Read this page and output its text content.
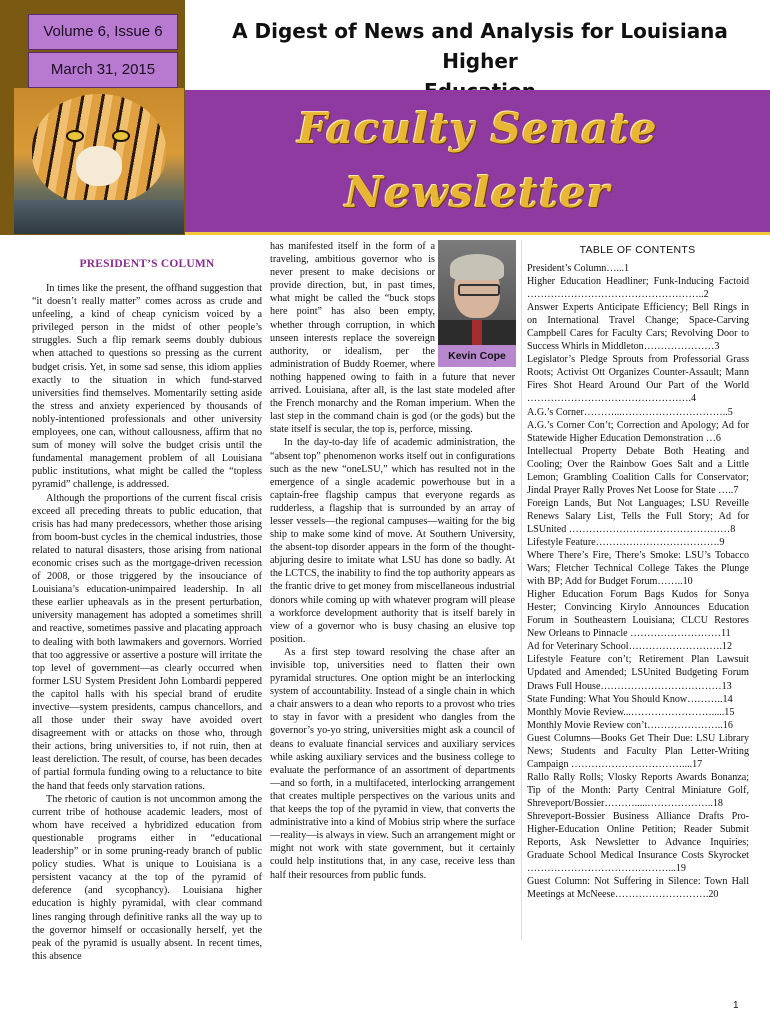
Volume 6, Issue 6
March 31, 2015
A Digest of News and Analysis for Louisiana Higher
Faculty Senate
Newsletter
PRESIDENT’S COLUMN

In times like the present, the offhand suggestion that “it doesn’t really matter” comes across as crude and unfeeling, a kind of cheap cynicism voiced by a privileged person in the midst of other people’s struggles. Such a flip remark seems doubly dubious when attached to questions so pressing as the current budget crisis. Yet, in some sad sense, this idiom applies exactly to the situation in which fund-starved universities find themselves. Momentarily setting aside the stress and anxiety experienced by thousands of nobly-intentioned professionals and other university employees, one can, without callousness, affirm that no sum of money will solve the budget crisis until the fundamental management problem of all Louisiana public institutions, what might be called the “topless pyramid” challenge, is addressed.

Although the proportions of the current fiscal crisis exceed all preceding threats to public education, that crisis has had many predecessors, whether those arising from boom-bust cycles in the chemical industries, those related to natural disasters, those arising from national economic crises such as the mortgage-driven recession of 2008, or those triggered by the insouciance of Louisiana’s education-unimpaired leadership. In all these earlier upheavals as in the present perturbation, university management has adopted a sometimes shrill and reactive, sometimes passive and placating approach to dealing with both lawmakers and governors. Worried that too aggressive or assertive a posture will irritate the top level of government—as clearly occurred when former LSU System President John Lombardi peppered the capitol halls with his special brand of erudite invective—system presidents, campus chancellors, and all those under their sway have avoided overt disagreement with or attacks on those who, through their actions, bring universities to, if not ruin, then at least dereliction. The result, of course, has been decades of partial formula funding owing to a reluctance to bite the hand that feeds only starvation rations.

The rhetoric of caution is not uncommon among the current tribe of hothouse academic leaders, most of whom have received a hybridized education from questionable programs either in “educational leadership” or in some pruning-ready branch of public policy studies. What is unique to Louisiana is a persistent vacancy at the top of the pyramid of deference (and sycophancy). Louisiana higher education is highly pyramidal, with clear command lines ranging through definitive ranks all the way up to the governor himself or occasionally herself, yet the peak of the pyramid is usually absent. In recent times, this absence

has manifested itself in the form of a traveling, ambitious governor who is never present to make decisions or provide direction, but, in past times, what might be called the “buck stops here point” has also been empty, whether through corruption, in which unseen interests replace the sovereign authority, or idealism, per the administration of Buddy Roemer, where nothing happened owing to faith in a future that never arrived. Louisiana, after all, is the last state modeled after the French monarchy and the Roman imperium. When the last step in the command chain is god (or the gods) but the state itself is secular, the top is, perforce, missing.

In the day-to-day life of academic administration, the “absent top” phenomenon works itself out in configurations such as the new “oneLSU,” which has resulted not in the emergence of a single academic powerhouse but in a captain-free flagship campus that everyone regards as rudderless, a flagship that is surrounded by an array of lesser vessels—the regional campuses—waiting for the big ship to make some kind of move. At Southern University, the absent-top disorder appears in the form of the thought-abjuring desire to imitate what LSU has done so badly. At the LCTCS, the inability to find the top authority appears as the frantic drive to get money from miscellaneous industrial donors while coming up with whatever program will please a workforce development authority that is itself barely in view of a governor who is busy chasing an elusive top position.

As a first step toward resolving the chase after an invisible top, universities need to flatten their own pyramidal structures. One option might be an interlocking system of accountability. Instead of a single chain in which a chair answers to a dean who reports to a provost who tries to stay in favor with a president who dangles from the governor’s yo-yo string, universities might ask a council of deans to evaluate financial services and auxiliary services while asking auxiliary services and the business college to evaluate the performance of an assortment of departments—and so forth, in a multifaceted, interlocking arrangement that creates multiple perspectives on the various units and that keeps the top of the pyramid in view, that converts the administrative into a kind of Mobius strip where the surface—reality—is always in view. Such an arrangement might or might not work with state government, but it certainly could help institutions that, in any case, receive less than half their resources from public funds.

Kevin Cope
TABLE OF CONTENTS
President’s Column…...1
Higher Education Headliner; Funk-Inducing Factoid ……………………………………………..2
Answer Experts Anticipate Efficiency; Bell Rings in on International Travel Change; Space-Carving Campbell Cares for Faculty Cars; Revolving Door to Success Whirls in Middleton…………………3
Legislator’s Pledge Sprouts from Professorial Grass Roots; Activist Ott Organizes Counter-Assault; Mann Fires Shot Heard Around Our Part of the World ………………………………………….4
A.G.’s Corner………...…………………………..5
A.G.’s Corner Con’t; Correction and Apology; Ad for Statewide Higher Education Demonstration …6
Intellectual Property Debate Both Heating and Cooling; Over the Rainbow Goes Salt and a Little Lemon; Grambling Coalition Calls for Conservator; Jindal Prayer Rally Proves Net Loose for State …..7
Foreign Lands, But Not Languages; LSU Reveille Renews Salary List, Tells the Full Story; Ad for LSUnited …………………………………………8
Lifestyle Feature……………………………….9
Where There’s Fire, There’s Smoke: LSU’s Tobacco Wars; Fletcher Technical College Takes the Plunge with BP; Add for Budget Forum……..10
Higher Education Forum Bags Kudos for Sonya Hester; Convincing Kirylo Announces Education Forum in Southeastern Louisiana; CLCU Restores New Orleans to Pinnacle ………………………11
Ad for Veterinary School……………………….12
Lifestyle Feature con’t; Retirement Plan Lawsuit Updated and Amended; LSUnited Budgeting Forum Draws Full House………………………………13
State Funding: What You Should Know………..14
Monthly Movie Review...…………………….....15
Monthly Movie Review con’t…………………..16
Guest Columns—Books Get Their Due: LSU Library News; Students and Faculty Plan Letter-Writing Campaign ……………………………....17
Rallo Rally Rolls; Vlosky Reports Awards Bonanza; Tip of the Month: Party Central Miniature Golf, Shreveport/Bossier……….....………………..18
Shreveport-Bossier Business Alliance Drafts Pro-Higher-Education Online Petition; Reader Submit Reports, Ask Newsletter to Advance Inquiries; Graduate School Medical Insurance Costs Skyrocket ……………………………………...19
Guest Column: Not Suffering in Silence: Town Hall Meetings at McNeese……………………….20
1
